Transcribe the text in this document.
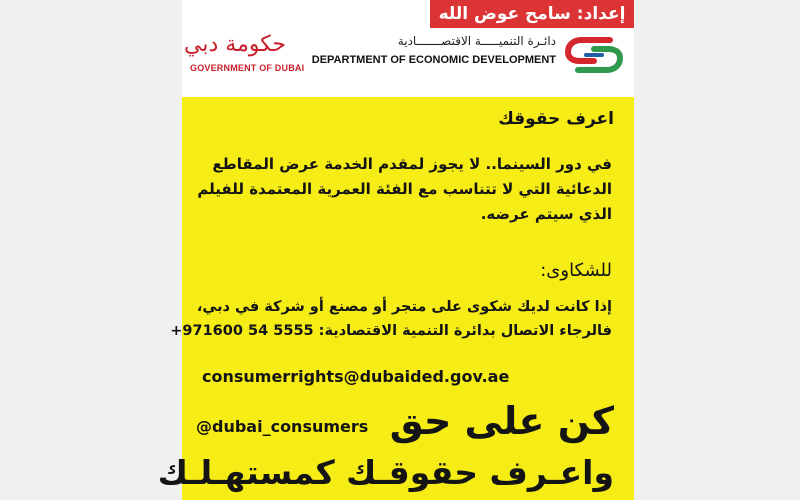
إعداد: سامح عوض الله
حكومة دبي
GOVERNMENT OF DUBAI
دائـرة التنميـــــة الاقتصـــــــادية
DEPARTMENT OF ECONOMIC DEVELOPMENT
اعرف حقوقك
في دور السينما.. لا يجوز لمقدم الخدمة عرض المقاطع
الدعائية التي لا تتناسب مع الفئة العمرية المعتمدة للفيلم
الذي سيتم عرضه.
للشكاوى:
إذا كانت لديك شكوى على متجر أو مصنع أو شركة في دبي،
فالرجاء الاتصال بدائرة التنمية الاقتصادية: 5555 54 971600+
consumerrights@dubaided.gov.ae
@dubai_consumers كن على حق
واعـرف حقوقـك كمستهـلـك
